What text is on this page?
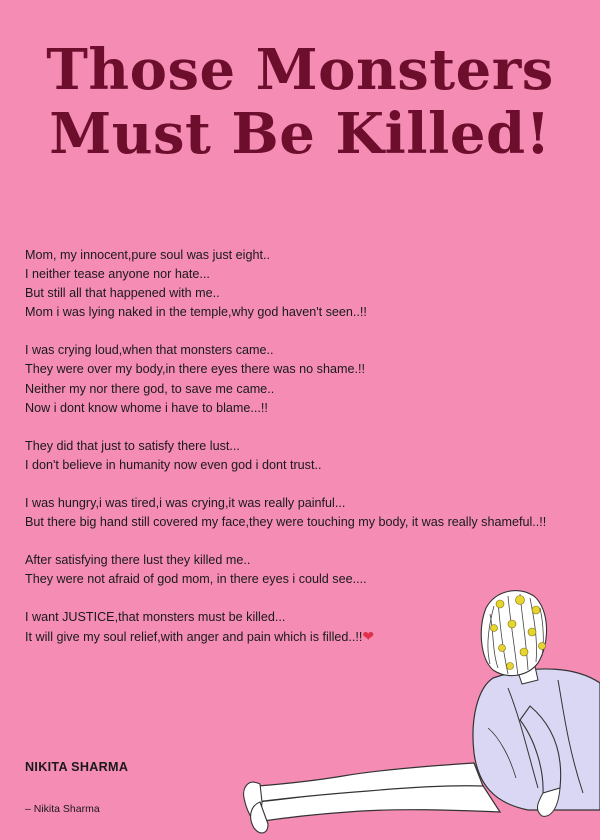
Those Monsters
Must Be Killed!
Mom, my innocent,pure soul was just eight..
I neither tease anyone nor hate...
But still all that happened with me..
Mom i was lying naked in the temple,why god haven't seen..!!
I was crying loud,when that monsters came..
They were over my body,in there eyes there was no shame.!!
Neither my nor there god, to save me came..
Now i dont know whome i have to blame...!!
They did that just to satisfy there lust...
I don't believe in humanity now even god i dont trust..
I was hungry,i was tired,i was crying,it was really painful...
But there big hand still covered my face,they were touching my body, it was really shameful..!!
After satisfying there lust they killed me..
They were not afraid of god mom, in there eyes i could see....
I want JUSTICE,that monsters must be killed...
It will give my soul relief,with anger and pain which is filled..!!❤
NIKITA SHARMA
– Nikita Sharma
